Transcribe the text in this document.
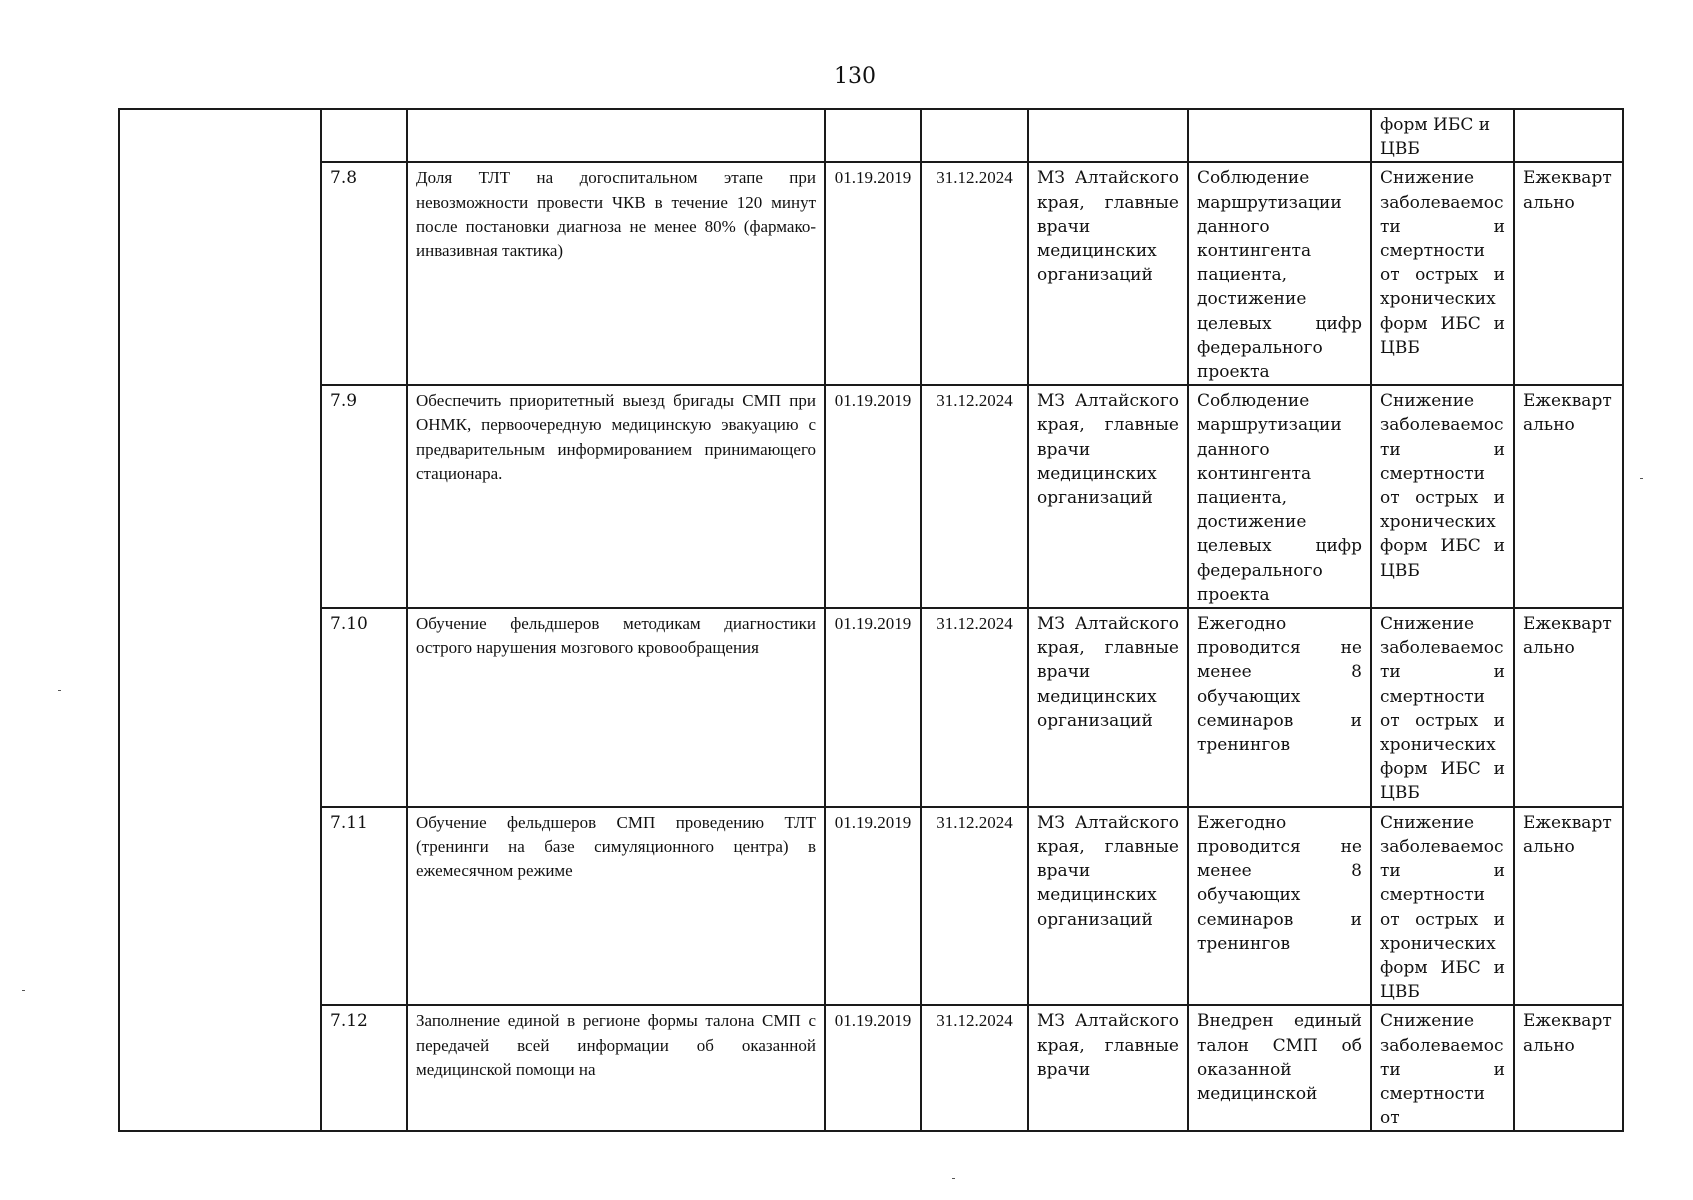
130

							форм ИБС и
ЦВБ	

	7.8	Доля ТЛТ на догоспитальном этапе при невозможности провести ЧКВ в течение 120 минут после постановки диагноза не менее 80% (фармако-инвазивная тактика)	01.19.2019	31.12.2024	МЗ Алтайского края, главные врачи медицинских организаций	Соблюдение маршрутизации данного контингента пациента, достижение целевых цифр федерального проекта	Снижение заболеваемос ти и смертности от острых и хронических форм ИБС и ЦВБ	Ежекварт ально
	7.9	Обеспечить приоритетный выезд бригады СМП при ОНМК, первоочередную медицинскую эвакуацию с предварительным информированием принимающего стационара.	01.19.2019	31.12.2024	МЗ Алтайского края, главные врачи медицинских организаций	Соблюдение маршрутизации данного контингента пациента, достижение целевых цифр федерального проекта	Снижение заболеваемос ти и смертности от острых и хронических форм ИБС и ЦВБ	Ежекварт ально
	7.10	Обучение фельдшеров методикам диагностики острого нарушения мозгового кровообращения	01.19.2019	31.12.2024	МЗ Алтайского края, главные врачи медицинских организаций	Ежегодно проводится не менее 8 обучающих семинаров и тренингов	Снижение заболеваемос ти и смертности от острых и хронических форм ИБС и ЦВБ	Ежекварт ально
	7.11	Обучение фельдшеров СМП проведению ТЛТ (тренинги на базе симуляционного центра) в ежемесячном режиме	01.19.2019	31.12.2024	МЗ Алтайского края, главные врачи медицинских организаций	Ежегодно проводится не менее 8 обучающих семинаров и тренингов	Снижение заболеваемос ти и смертности от острых и хронических форм ИБС и ЦВБ	Ежекварт ально
	7.12	Заполнение единой в регионе формы талона СМП с передачей всей информации об оказанной медицинской помощи на	01.19.2019	31.12.2024	МЗ Алтайского края, главные врачи	Внедрен единый талон СМП об оказанной медицинской	Снижение заболеваемос ти и смертности от	Ежекварт ально
